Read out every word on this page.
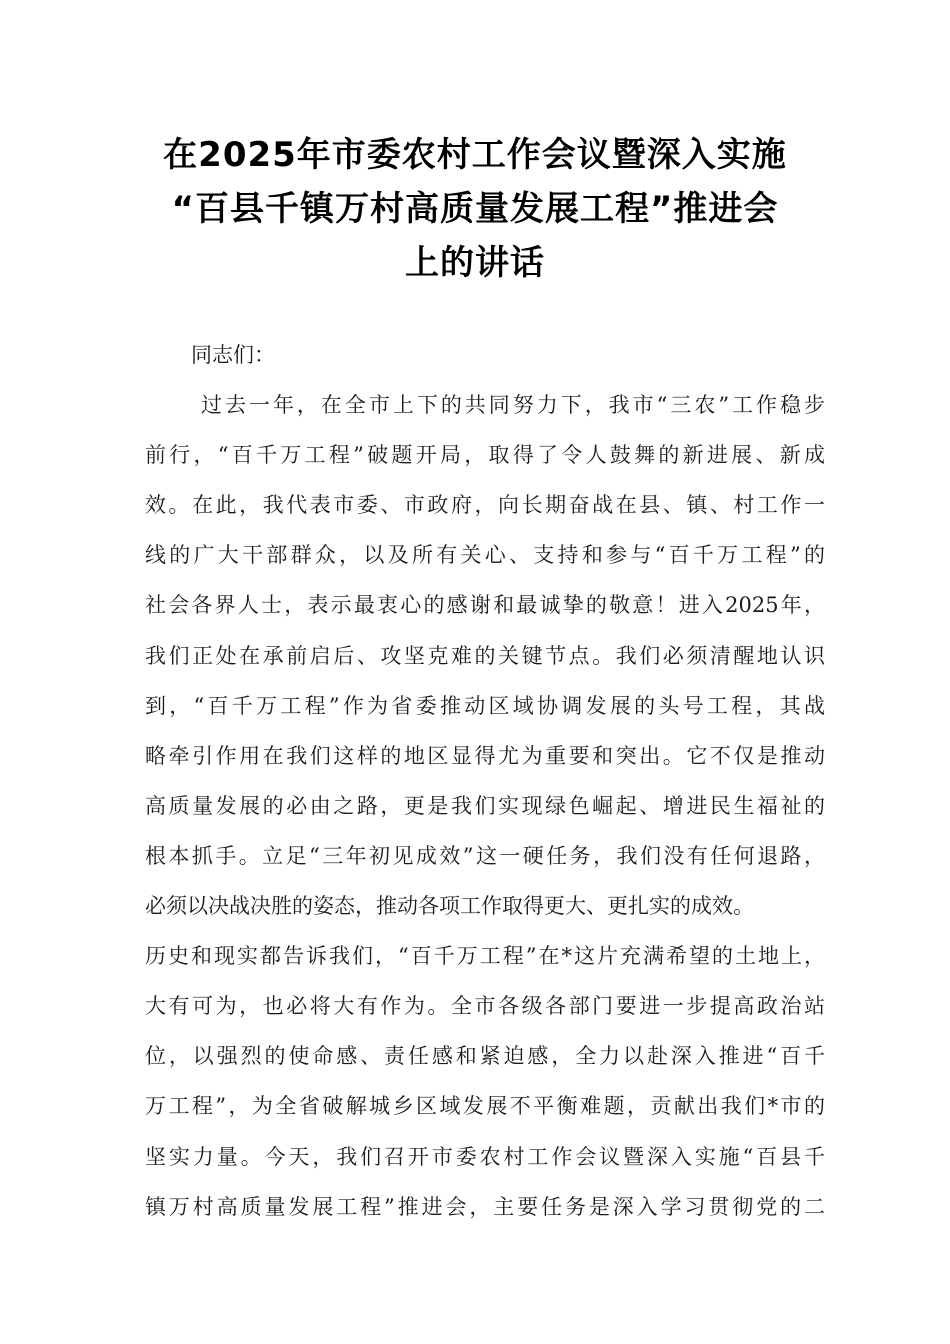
在2025年市委农村工作会议暨深入实施
“百县千镇万村高质量发展工程”推进会
上的讲话
同志们：
过去一年，在全市上下的共同努力下，我市“三农”工作稳步
前行，“百千万工程”破题开局，取得了令人鼓舞的新进展、新成
效。在此，我代表市委、市政府，向长期奋战在县、镇、村工作一
线的广大干部群众，以及所有关心、支持和参与“百千万工程”的
社会各界人士，表示最衷心的感谢和最诚挚的敬意！进入2025年，
我们正处在承前启后、攻坚克难的关键节点。我们必须清醒地认识
到，“百千万工程”作为省委推动区域协调发展的头号工程，其战
略牵引作用在我们这样的地区显得尤为重要和突出。它不仅是推动
高质量发展的必由之路，更是我们实现绿色崛起、增进民生福祉的
根本抓手。立足“三年初见成效”这一硬任务，我们没有任何退路，
必须以决战决胜的姿态，推动各项工作取得更大、更扎实的成效。
历史和现实都告诉我们，“百千万工程”在*这片充满希望的土地上，
大有可为，也必将大有作为。全市各级各部门要进一步提高政治站
位，以强烈的使命感、责任感和紧迫感，全力以赴深入推进“百千
万工程”，为全省破解城乡区域发展不平衡难题，贡献出我们*市的
坚实力量。今天，我们召开市委农村工作会议暨深入实施“百县千
镇万村高质量发展工程”推进会，主要任务是深入学习贯彻党的二
